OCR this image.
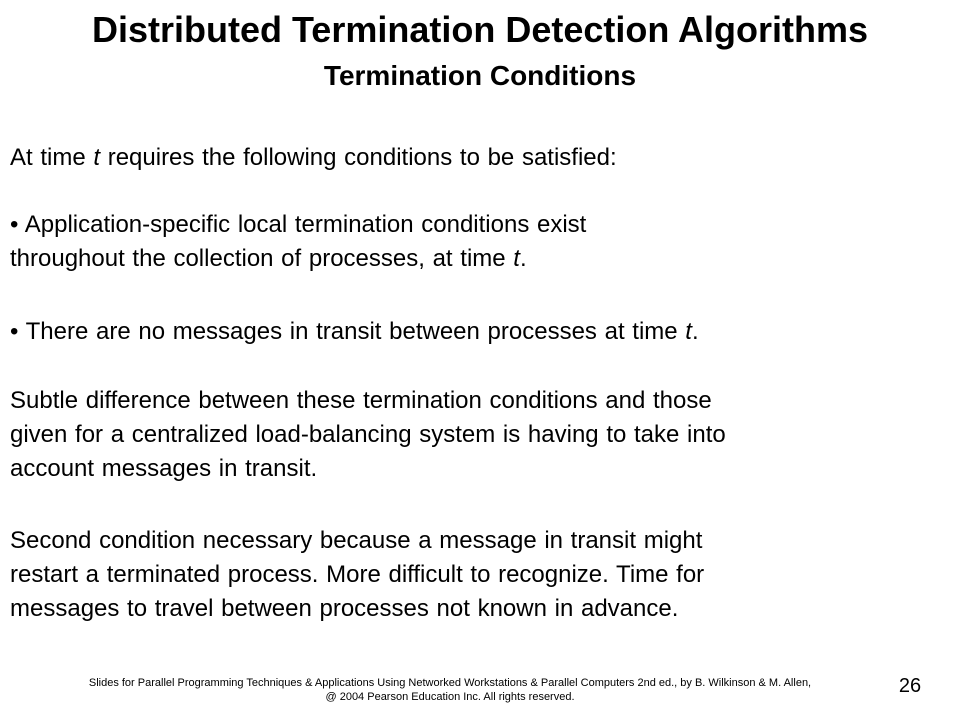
Distributed Termination Detection Algorithms
Termination Conditions

At time t requires the following conditions to be satisfied:

• Application-specific local termination conditions exist
throughout the collection of processes, at time t.

• There are no messages in transit between processes at time t.

Subtle difference between these termination conditions and those
given for a centralized load-balancing system is having to take into
account messages in transit.

Second condition necessary because a message in transit might
restart a terminated process. More difficult to recognize. Time for
messages to travel between processes not known in advance.

Slides for Parallel Programming Techniques & Applications Using Networked Workstations & Parallel Computers 2nd ed., by B. Wilkinson & M. Allen,
@ 2004 Pearson Education Inc. All rights reserved.	26
